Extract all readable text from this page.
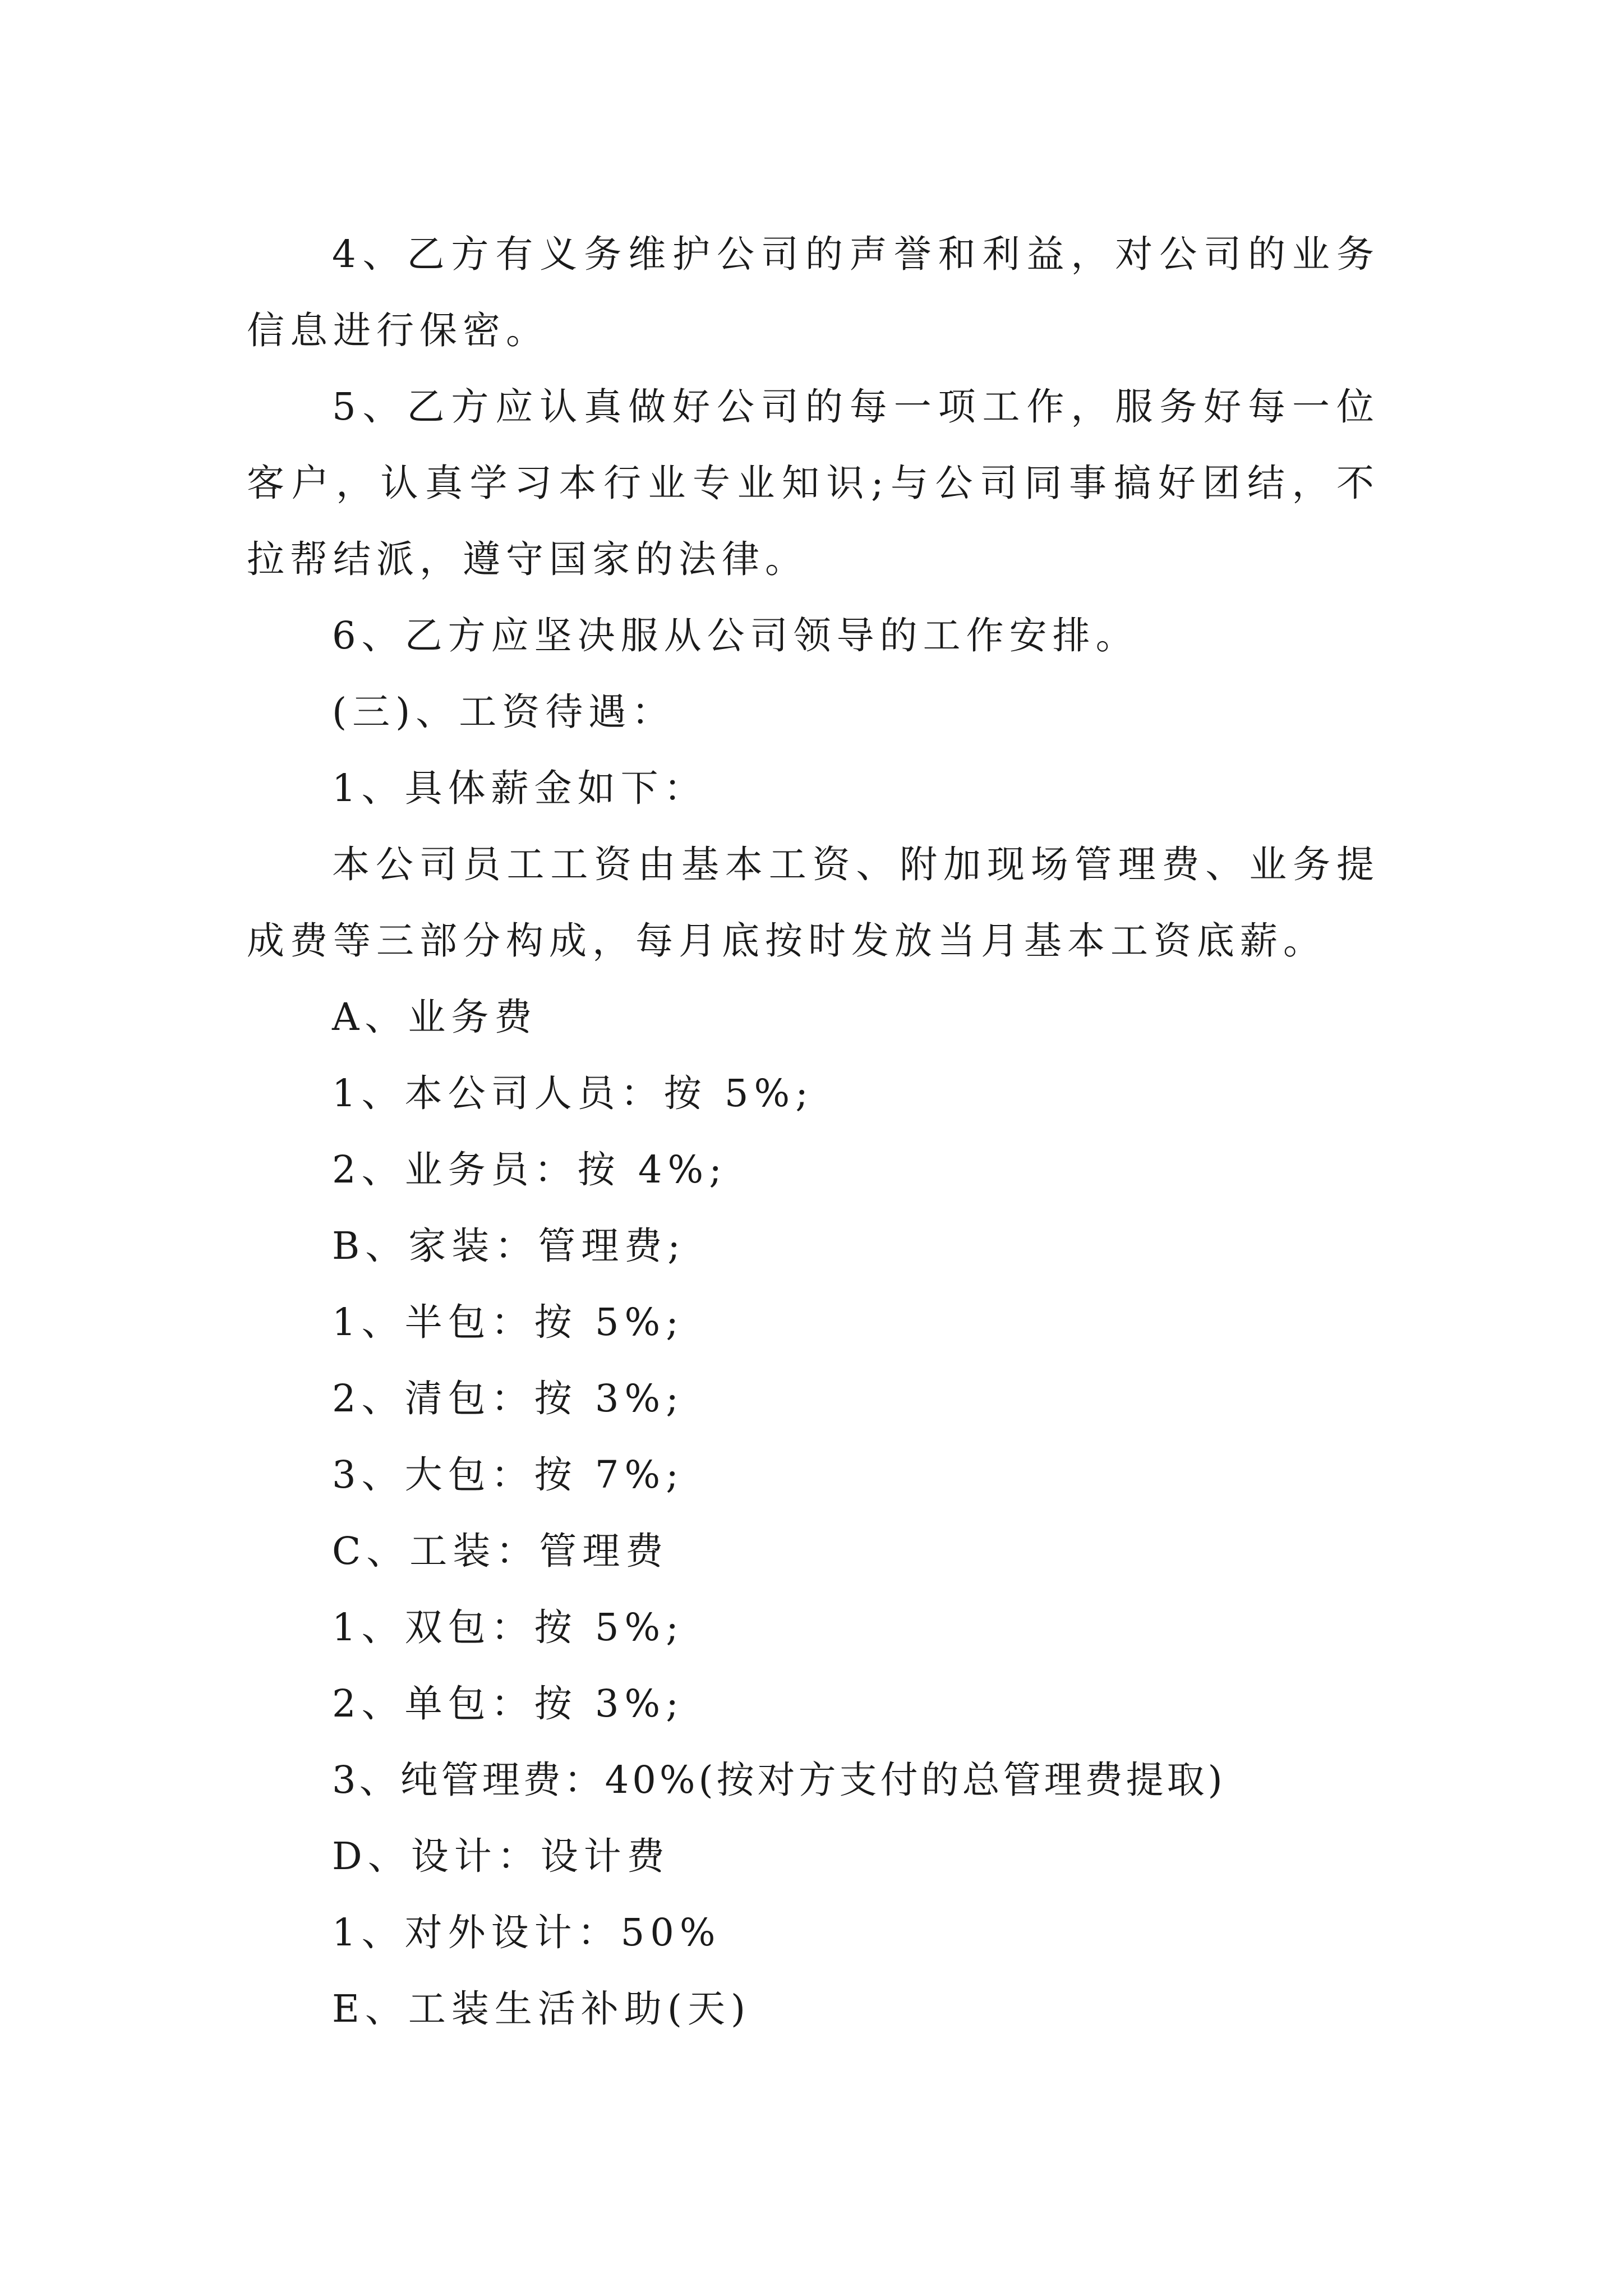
4、乙方有义务维护公司的声誉和利益，对公司的业务信息进行保密。

5、乙方应认真做好公司的每一项工作，服务好每一位客户，认真学习本行业专业知识;与公司同事搞好团结，不拉帮结派，遵守国家的法律。

6、乙方应坚决服从公司领导的工作安排。

(三)、工资待遇：

1、具体薪金如下：

本公司员工工资由基本工资、附加现场管理费、业务提成费等三部分构成，每月底按时发放当月基本工资底薪。

A、业务费

1、本公司人员：按 5%;

2、业务员：按 4%;

B、家装：管理费;

1、半包：按 5%;

2、清包：按 3%;

3、大包：按 7%;

C、工装：管理费

1、双包：按 5%;

2、单包：按 3%;

3、纯管理费：40%(按对方支付的总管理费提取)

D、设计：设计费

1、对外设计：50%

E、工装生活补助(天)
